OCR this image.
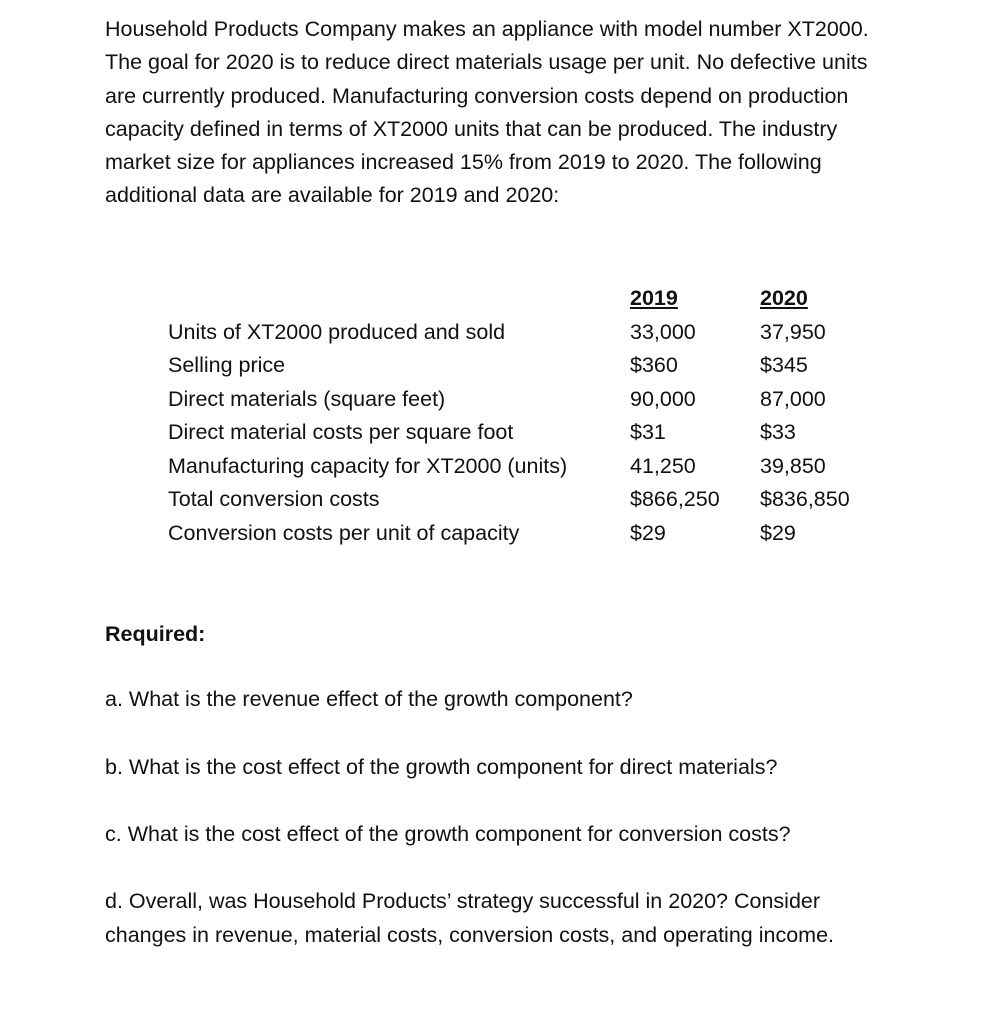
Household Products Company makes an appliance with model number XT2000. The goal for 2020 is to reduce direct materials usage per unit. No defective units are currently produced. Manufacturing conversion costs depend on production capacity defined in terms of XT2000 units that can be produced. The industry market size for appliances increased 15% from 2019 to 2020. The following additional data are available for 2019 and 2020:

	2019	2020
Units of XT2000 produced and sold	33,000	37,950
Selling price	$360	$345
Direct materials (square feet)	90,000	87,000
Direct material costs per square foot	$31	$33
Manufacturing capacity for XT2000 (units)	41,250	39,850
Total conversion costs	$866,250	$836,850
Conversion costs per unit of capacity	$29	$29

Required:

a. What is the revenue effect of the growth component?

b. What is the cost effect of the growth component for direct materials?

c. What is the cost effect of the growth component for conversion costs?

d. Overall, was Household Products’ strategy successful in 2020? Consider changes in revenue, material costs, conversion costs, and operating income.
